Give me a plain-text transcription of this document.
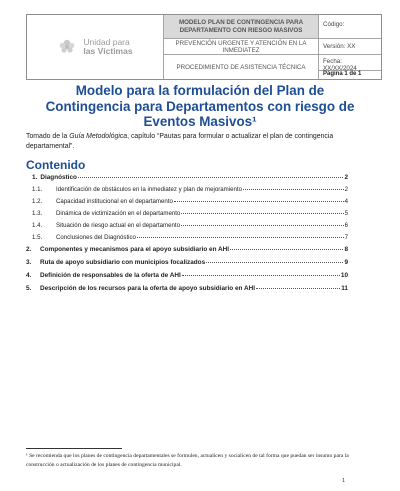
Unidad para
las Víctimas
MODELO PLAN DE CONTINGENCIA PARA DEPARTAMENTO CON RIESGO MASIVOS
Código:
PREVENCIÓN URGENTE Y ATENCIÓN EN LA INMEDIATEZ
Versión: XX
PROCEDIMIENTO DE ASISTENCIA TÉCNICA
Fecha: XX/XX/2024
Página 1 de 1
Modelo para la formulación del Plan de Contingencia para Departamentos con riesgo de Eventos Masivos¹

Tomado de la Guía Metodológica, capítulo “Pautas para formular o actualizar el plan de contingencia departamental”.

Contenido
1. Diagnóstico	2
1.1.	Identificación de obstáculos en la inmediatez y plan de mejoramiento	2
1.2.	Capacidad institucional en el departamento	4
1.3.	Dinámica de victimización en el departamento	5
1.4.	Situación de riesgo actual en el departamento	6
1.5.	Conclusiones del Diagnóstico	7
2.	Componentes y mecanismos para el apoyo subsidiario en AHI	8
3.	Ruta de apoyo subsidiario con municipios focalizados	9
4.	Definición de responsables de la oferta de AHI	10
5.	Descripción de los recursos para la oferta de apoyo subsidiario en AHI	11
¹ Se recomienda que los planes de contingencia departamentales se formulen, actualicen y socialicen de tal forma que puedan ser insumo para la construcción o actualización de los planes de contingencia municipal.
1
